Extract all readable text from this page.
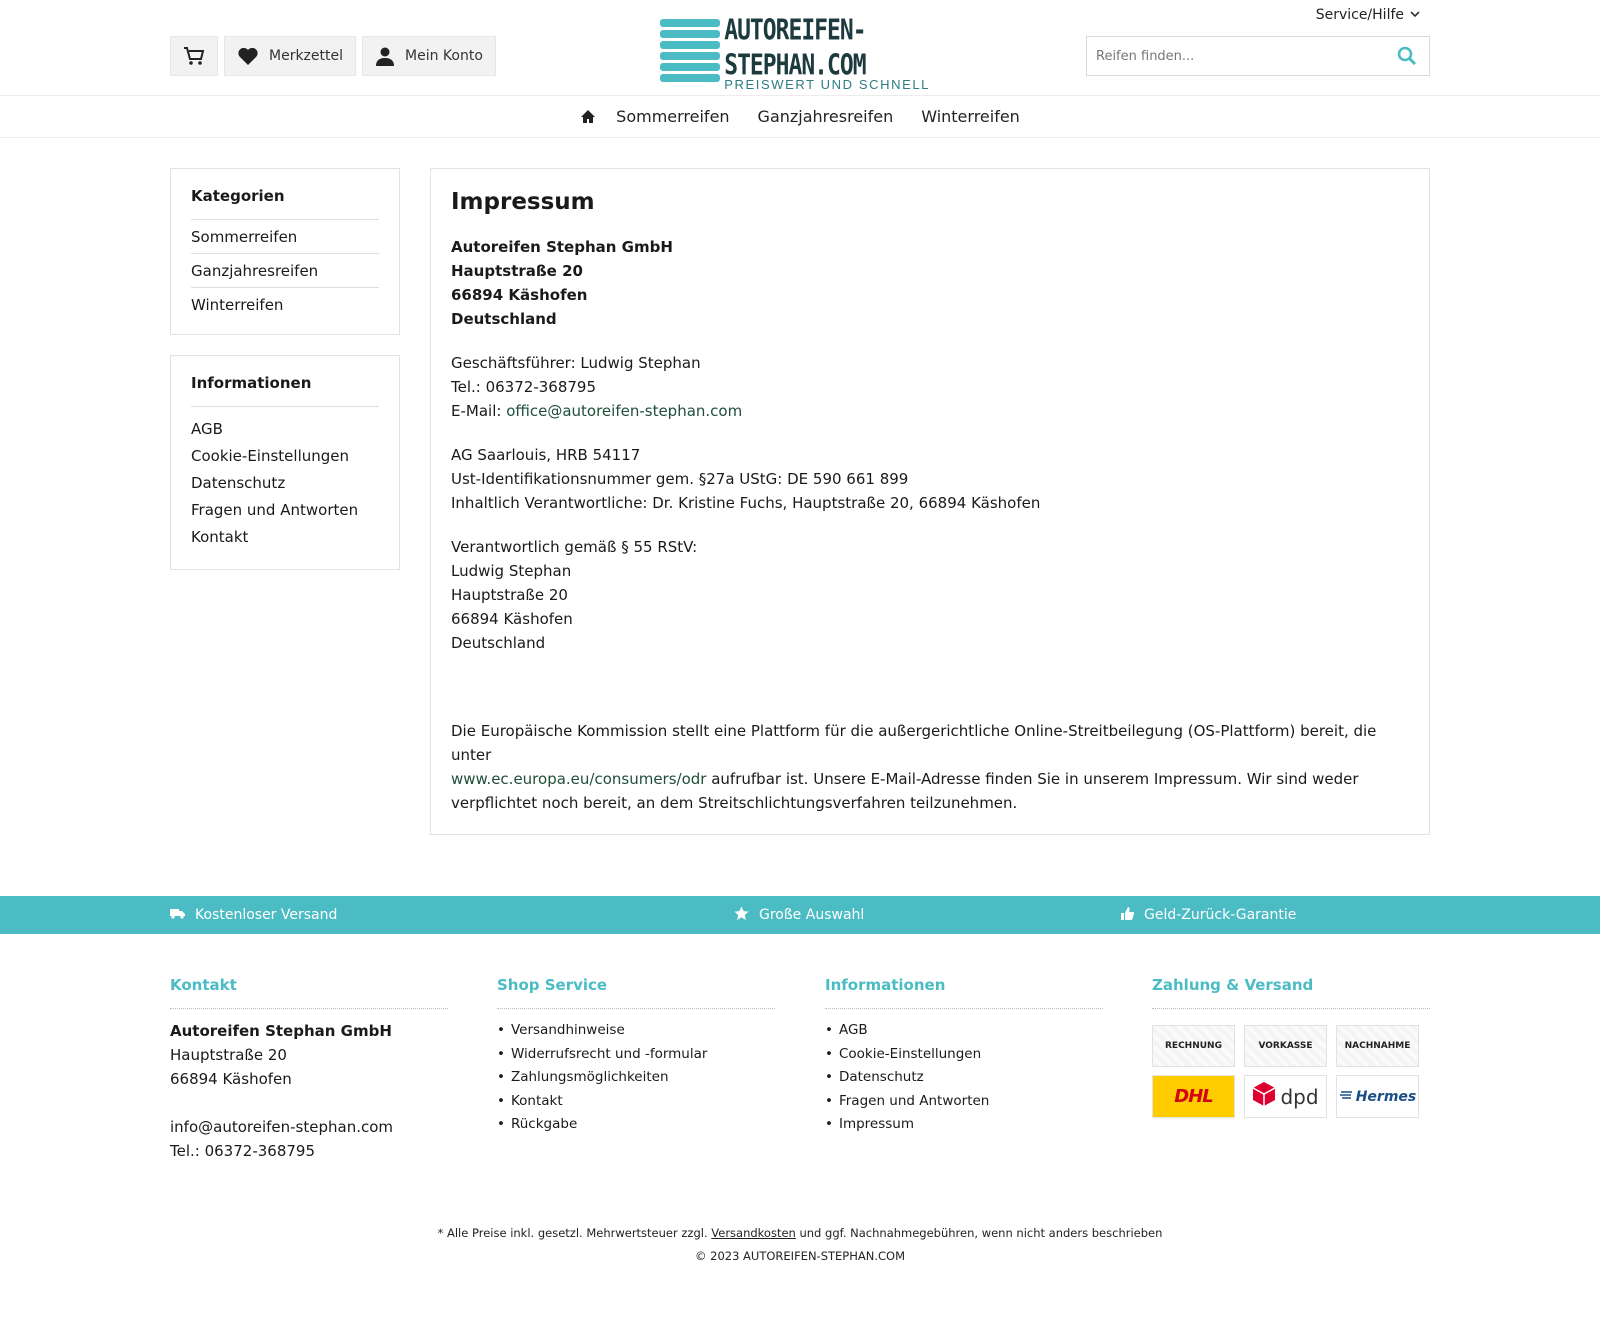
Service/Hilfe
Merkzettel	Mein Konto
AUTOREIFEN-STEPHAN.COM
PREISWERT UND SCHNELL
Reifen finden...
Sommerreifen Ganzjahresreifen Winterreifen
Kategorien
Sommerreifen
Ganzjahresreifen
Winterreifen
Informationen
AGB
Cookie-Einstellungen
Datenschutz
Fragen und Antworten
Kontakt
Impressum

Autoreifen Stephan GmbH

Hauptstraße 20

66894 Käshofen

Deutschland

Geschäftsführer: Ludwig Stephan

Tel.: 06372-368795

E-Mail: office@autoreifen-stephan.com

AG Saarlouis, HRB 54117

Ust-Identifikationsnummer gem. §27a UStG: DE 590 661 899

Inhaltlich Verantwortliche: Dr. Kristine Fuchs, Hauptstraße 20, 66894 Käshofen

Verantwortlich gemäß § 55 RStV:

Ludwig Stephan

Hauptstraße 20

66894 Käshofen

Deutschland

Die Europäische Kommission stellt eine Plattform für die außergerichtliche Online-Streitbeilegung (OS-Plattform) bereit, die unter
www.ec.europa.eu/consumers/odr aufrufbar ist. Unsere E-Mail-Adresse finden Sie in unserem Impressum. Wir sind weder verpflichtet noch bereit, an dem Streitschlichtungsverfahren teilzunehmen.

Kostenloser Versand	Große Auswahl	Geld-Zurück-Garantie
Kontakt
Autoreifen Stephan GmbH
Hauptstraße 20
66894 Käshofen

info@autoreifen-stephan.com
Tel.: 06372-368795
Shop Service
• Versandhinweise
• Widerrufsrecht und -formular
• Zahlungsmöglichkeiten
• Kontakt
• Rückgabe
Informationen
• AGB
• Cookie-Einstellungen
• Datenschutz
• Fragen und Antworten
• Impressum
Zahlung & Versand
RECHNUNG	VORKASSE	NACHNAHME
DHL	dpd	Hermes
* Alle Preise inkl. gesetzl. Mehrwertsteuer zzgl. Versandkosten und ggf. Nachnahmegebühren, wenn nicht anders beschrieben
© 2023 AUTOREIFEN-STEPHAN.COM
